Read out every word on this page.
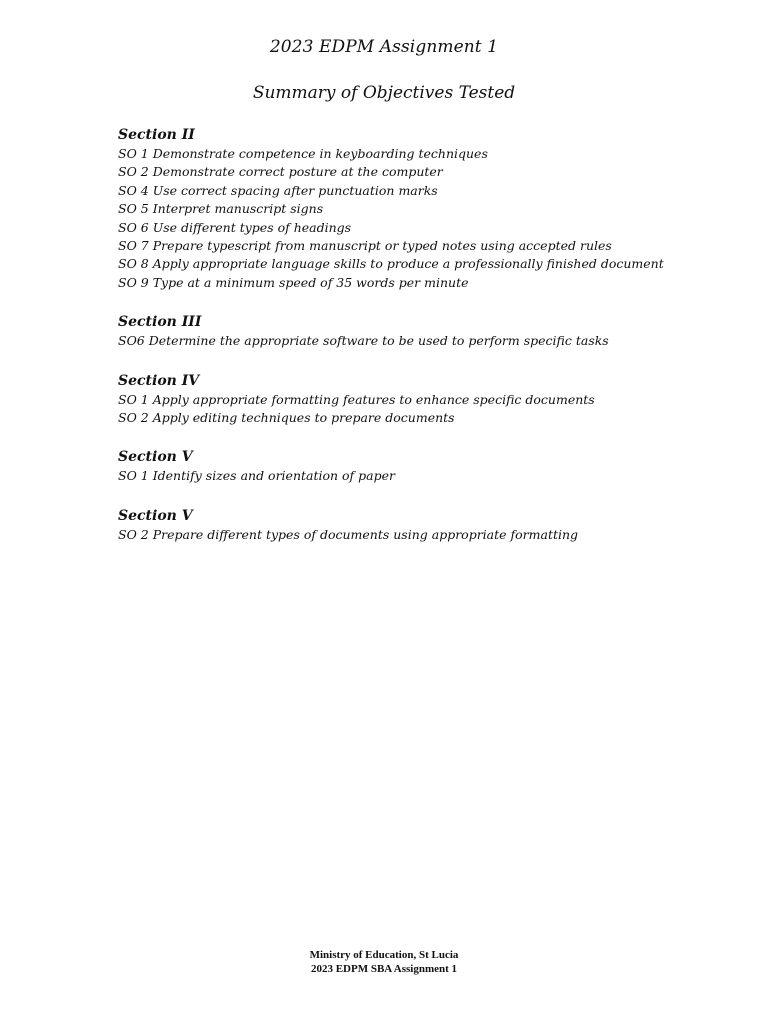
2023 EDPM Assignment 1
Summary of Objectives Tested
Section II
SO 1 Demonstrate competence in keyboarding techniques
SO 2 Demonstrate correct posture at the computer
SO 4 Use correct spacing after punctuation marks
SO 5 Interpret manuscript signs
SO 6 Use different types of headings
SO 7 Prepare typescript from manuscript or typed notes using accepted rules
SO 8 Apply appropriate language skills to produce a professionally finished document
SO 9 Type at a minimum speed of 35 words per minute
Section III
SO6 Determine the appropriate software to be used to perform specific tasks
Section IV
SO 1 Apply appropriate formatting features to enhance specific documents
SO 2 Apply editing techniques to prepare documents
Section V
SO 1 Identify sizes and orientation of paper
Section V
SO 2 Prepare different types of documents using appropriate formatting
Ministry of Education, St Lucia
2023 EDPM SBA Assignment 1
